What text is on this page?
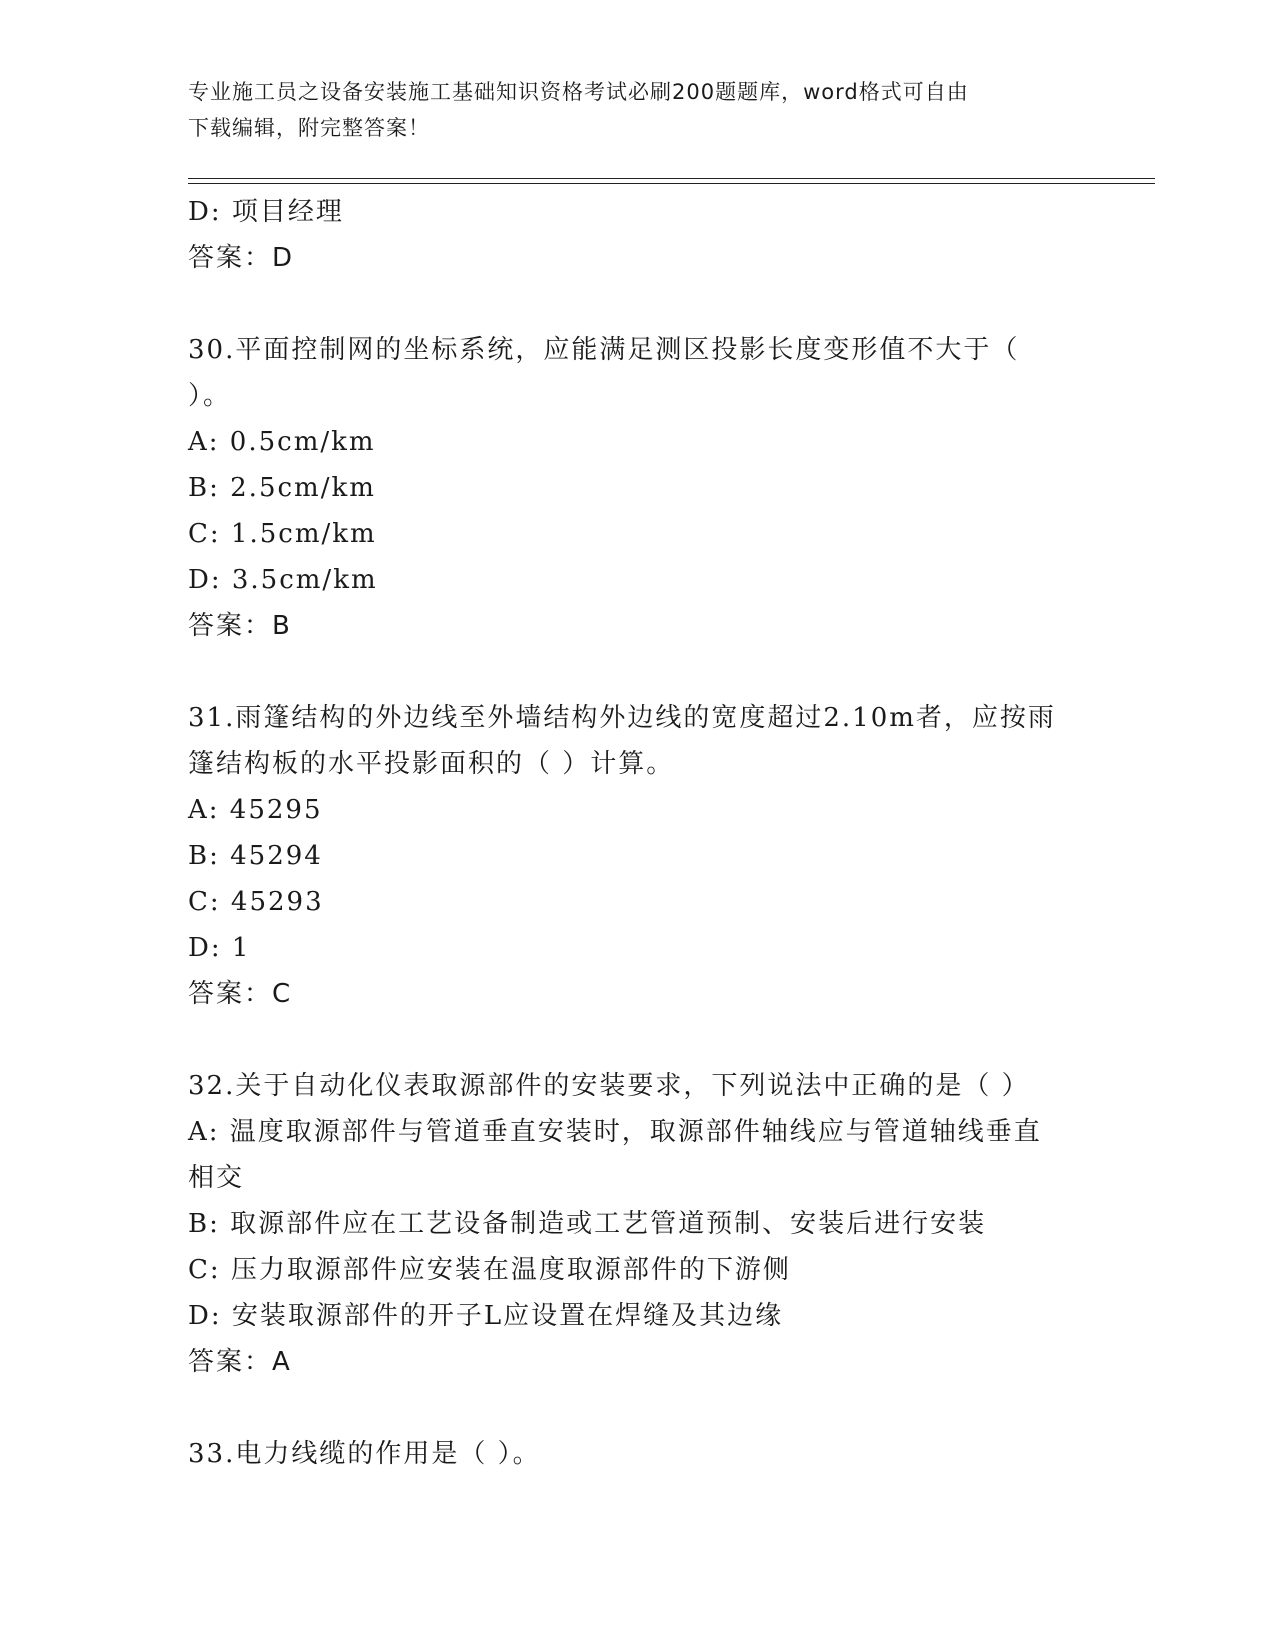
专业施工员之设备安装施工基础知识资格考试必刷200题题库，word格式可自由
下载编辑，附完整答案！
D: 项目经理
答案：D
30.平面控制网的坐标系统，应能满足测区投影长度变形值不大于（
）。
A: 0.5cm/km
B: 2.5cm/km
C: 1.5cm/km
D: 3.5cm/km
答案：B
31.雨篷结构的外边线至外墙结构外边线的宽度超过2.10m者，应按雨
篷结构板的水平投影面积的（ ）计算。
A: 45295
B: 45294
C: 45293
D: 1
答案：C
32.关于自动化仪表取源部件的安装要求，下列说法中正确的是（ ）
A: 温度取源部件与管道垂直安装时，取源部件轴线应与管道轴线垂直
相交
B: 取源部件应在工艺设备制造或工艺管道预制、安装后进行安装
C: 压力取源部件应安装在温度取源部件的下游侧
D: 安装取源部件的开子L应设置在焊缝及其边缘
答案：A
33.电力线缆的作用是（ ）。
